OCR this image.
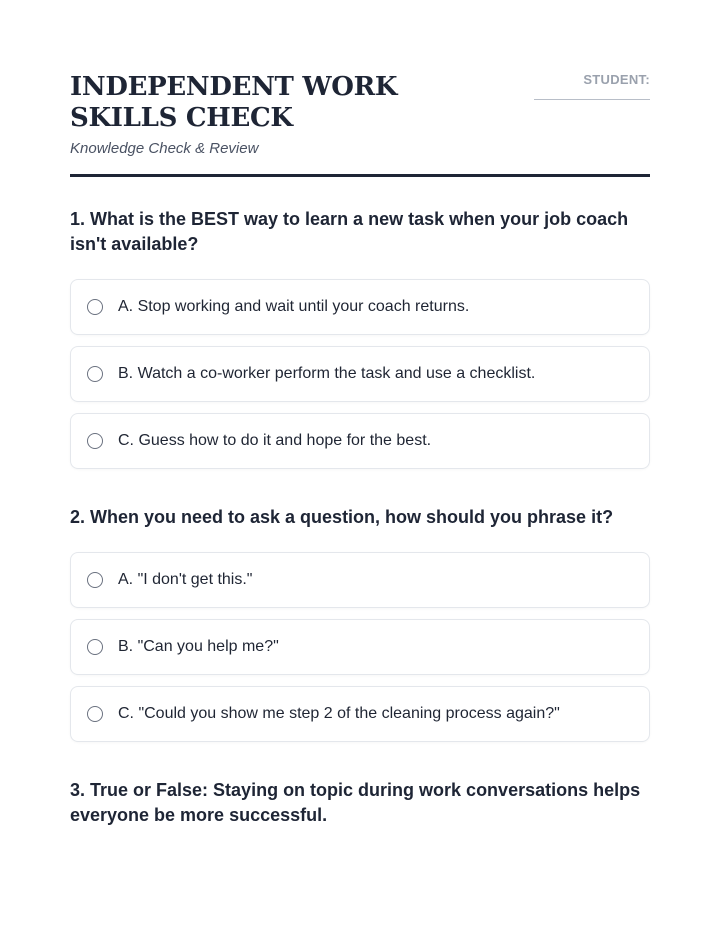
INDEPENDENT WORK SKILLS CHECK
Knowledge Check & Review
STUDENT:
1. What is the BEST way to learn a new task when your job coach isn't available?
A. Stop working and wait until your coach returns.
B. Watch a co-worker perform the task and use a checklist.
C. Guess how to do it and hope for the best.
2. When you need to ask a question, how should you phrase it?
A. "I don't get this."
B. "Can you help me?"
C. "Could you show me step 2 of the cleaning process again?"
3. True or False: Staying on topic during work conversations helps everyone be more successful.
